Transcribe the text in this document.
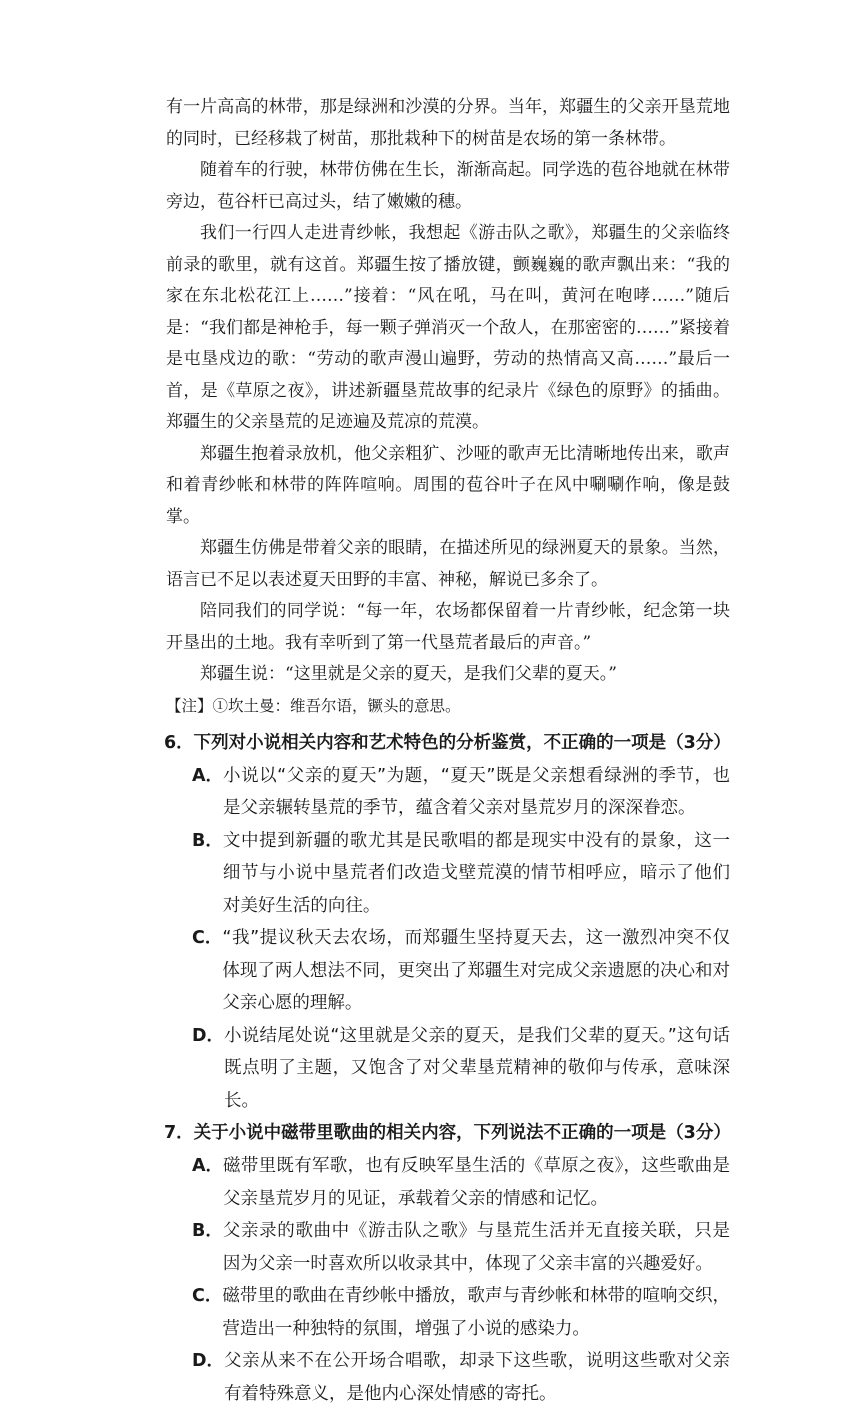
有一片高高的林带，那是绿洲和沙漠的分界。当年，郑疆生的父亲开垦荒地的同时，已经移栽了树苗，那批栽种下的树苗是农场的第一条林带。

随着车的行驶，林带仿佛在生长，渐渐高起。同学选的苞谷地就在林带旁边，苞谷杆已高过头，结了嫩嫩的穗。

我们一行四人走进青纱帐，我想起《游击队之歌》，郑疆生的父亲临终前录的歌里，就有这首。郑疆生按了播放键，颤巍巍的歌声飘出来：“我的家在东北松花江上……”接着：“风在吼，马在叫，黄河在咆哮……”随后是：“我们都是神枪手，每一颗子弹消灭一个敌人，在那密密的……”紧接着是屯垦戍边的歌：“劳动的歌声漫山遍野，劳动的热情高又高……”最后一首，是《草原之夜》，讲述新疆垦荒故事的纪录片《绿色的原野》的插曲。郑疆生的父亲垦荒的足迹遍及荒凉的荒漠。

郑疆生抱着录放机，他父亲粗犷、沙哑的歌声无比清晰地传出来，歌声和着青纱帐和林带的阵阵喧响。周围的苞谷叶子在风中唰唰作响，像是鼓掌。

郑疆生仿佛是带着父亲的眼睛，在描述所见的绿洲夏天的景象。当然，语言已不足以表述夏天田野的丰富、神秘，解说已多余了。

陪同我们的同学说：“每一年，农场都保留着一片青纱帐，纪念第一块开垦出的土地。我有幸听到了第一代垦荒者最后的声音。”

郑疆生说：“这里就是父亲的夏天，是我们父辈的夏天。”

【注】①坎土曼：维吾尔语，镢头的意思。

6．下列对小说相关内容和艺术特色的分析鉴赏，不正确的一项是（3分）

A． 小说以“父亲的夏天”为题，“夏天”既是父亲想看绿洲的季节，也是父亲辗转垦荒的季节，蕴含着父亲对垦荒岁月的深深眷恋。
B． 文中提到新疆的歌尤其是民歌唱的都是现实中没有的景象，这一细节与小说中垦荒者们改造戈壁荒漠的情节相呼应，暗示了他们对美好生活的向往。
C． “我”提议秋天去农场，而郑疆生坚持夏天去，这一激烈冲突不仅体现了两人想法不同，更突出了郑疆生对完成父亲遗愿的决心和对父亲心愿的理解。
D． 小说结尾处说“这里就是父亲的夏天，是我们父辈的夏天。”这句话既点明了主题，又饱含了对父辈垦荒精神的敬仰与传承，意味深长。

7．关于小说中磁带里歌曲的相关内容，下列说法不正确的一项是（3分）

A． 磁带里既有军歌，也有反映军垦生活的《草原之夜》，这些歌曲是父亲垦荒岁月的见证，承载着父亲的情感和记忆。
B． 父亲录的歌曲中《游击队之歌》与垦荒生活并无直接关联，只是因为父亲一时喜欢所以收录其中，体现了父亲丰富的兴趣爱好。
C． 磁带里的歌曲在青纱帐中播放，歌声与青纱帐和林带的喧响交织，营造出一种独特的氛围，增强了小说的感染力。
D． 父亲从来不在公开场合唱歌，却录下这些歌，说明这些歌对父亲有着特殊意义，是他内心深处情感的寄托。
